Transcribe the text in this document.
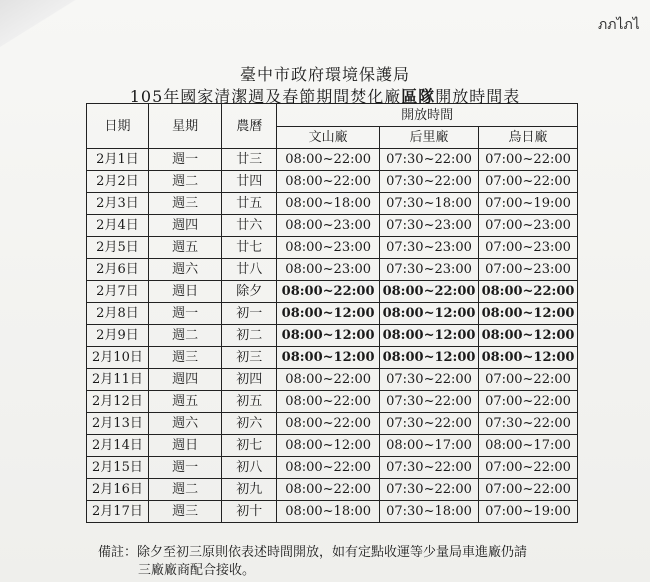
ภภไภไ
臺中市政府環境保護局
105年國家清潔週及春節期間焚化廠區隊開放時間表
日期	星期	農曆	開放時間		
			文山廠	后里廠	烏日廠
2月1日	週一	廿三	08:00~22:00	07:30~22:00	07:00~22:00
2月2日	週二	廿四	08:00~22:00	07:30~22:00	07:00~22:00
2月3日	週三	廿五	08:00~18:00	07:30~18:00	07:00~19:00
2月4日	週四	廿六	08:00~23:00	07:30~23:00	07:00~23:00
2月5日	週五	廿七	08:00~23:00	07:30~23:00	07:00~23:00
2月6日	週六	廿八	08:00~23:00	07:30~23:00	07:00~23:00
2月7日	週日	除夕	08:00~22:00	08:00~22:00	08:00~22:00
2月8日	週一	初一	08:00~12:00	08:00~12:00	08:00~12:00
2月9日	週二	初二	08:00~12:00	08:00~12:00	08:00~12:00
2月10日	週三	初三	08:00~12:00	08:00~12:00	08:00~12:00
2月11日	週四	初四	08:00~22:00	07:30~22:00	07:00~22:00
2月12日	週五	初五	08:00~22:00	07:30~22:00	07:00~22:00
2月13日	週六	初六	08:00~22:00	07:30~22:00	07:30~22:00
2月14日	週日	初七	08:00~12:00	08:00~17:00	08:00~17:00
2月15日	週一	初八	08:00~22:00	07:30~22:00	07:00~22:00
2月16日	週二	初九	08:00~22:00	07:30~22:00	07:00~22:00
2月17日	週三	初十	08:00~18:00	07:30~18:00	07:00~19:00
備註：除夕至初三原則依表述時間開放，如有定點收運等少量局車進廠仍請
三廠廠商配合接收。
